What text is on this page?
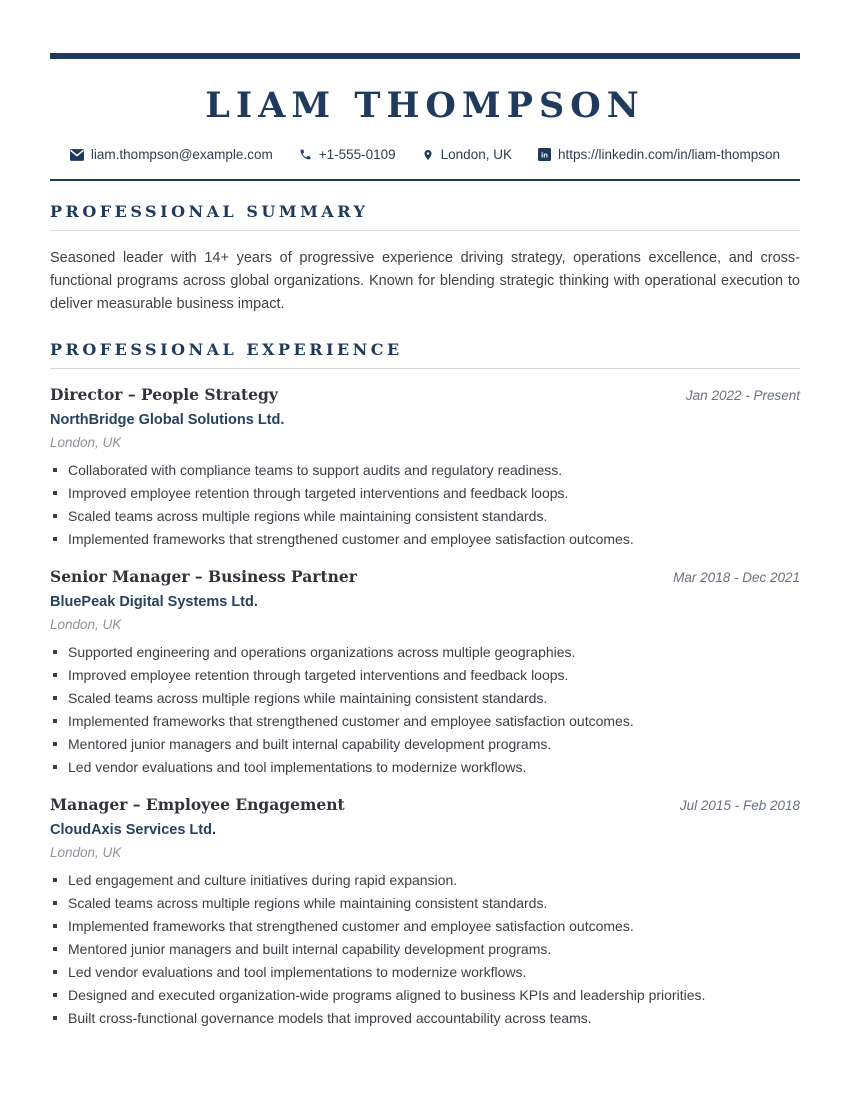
LIAM THOMPSON
liam.thompson@example.com	+1-555-0109	London, UK in https://linkedin.com/in/liam-thompson
PROFESSIONAL SUMMARY

Seasoned leader with 14+ years of progressive experience driving strategy, operations excellence, and cross-functional programs across global organizations. Known for blending strategic thinking with operational execution to deliver measurable business impact.

PROFESSIONAL EXPERIENCE
Director – People Strategy	Jan 2022 - Present
NorthBridge Global Solutions Ltd.
London, UK
Collaborated with compliance teams to support audits and regulatory readiness.
Improved employee retention through targeted interventions and feedback loops.
Scaled teams across multiple regions while maintaining consistent standards.
Implemented frameworks that strengthened customer and employee satisfaction outcomes.
Senior Manager – Business Partner	Mar 2018 - Dec 2021
BluePeak Digital Systems Ltd.
London, UK
Supported engineering and operations organizations across multiple geographies.
Improved employee retention through targeted interventions and feedback loops.
Scaled teams across multiple regions while maintaining consistent standards.
Implemented frameworks that strengthened customer and employee satisfaction outcomes.
Mentored junior managers and built internal capability development programs.
Led vendor evaluations and tool implementations to modernize workflows.
Manager – Employee Engagement	Jul 2015 - Feb 2018
CloudAxis Services Ltd.
London, UK
Led engagement and culture initiatives during rapid expansion.
Scaled teams across multiple regions while maintaining consistent standards.
Implemented frameworks that strengthened customer and employee satisfaction outcomes.
Mentored junior managers and built internal capability development programs.
Led vendor evaluations and tool implementations to modernize workflows.
Designed and executed organization-wide programs aligned to business KPIs and leadership priorities.
Built cross-functional governance models that improved accountability across teams.
